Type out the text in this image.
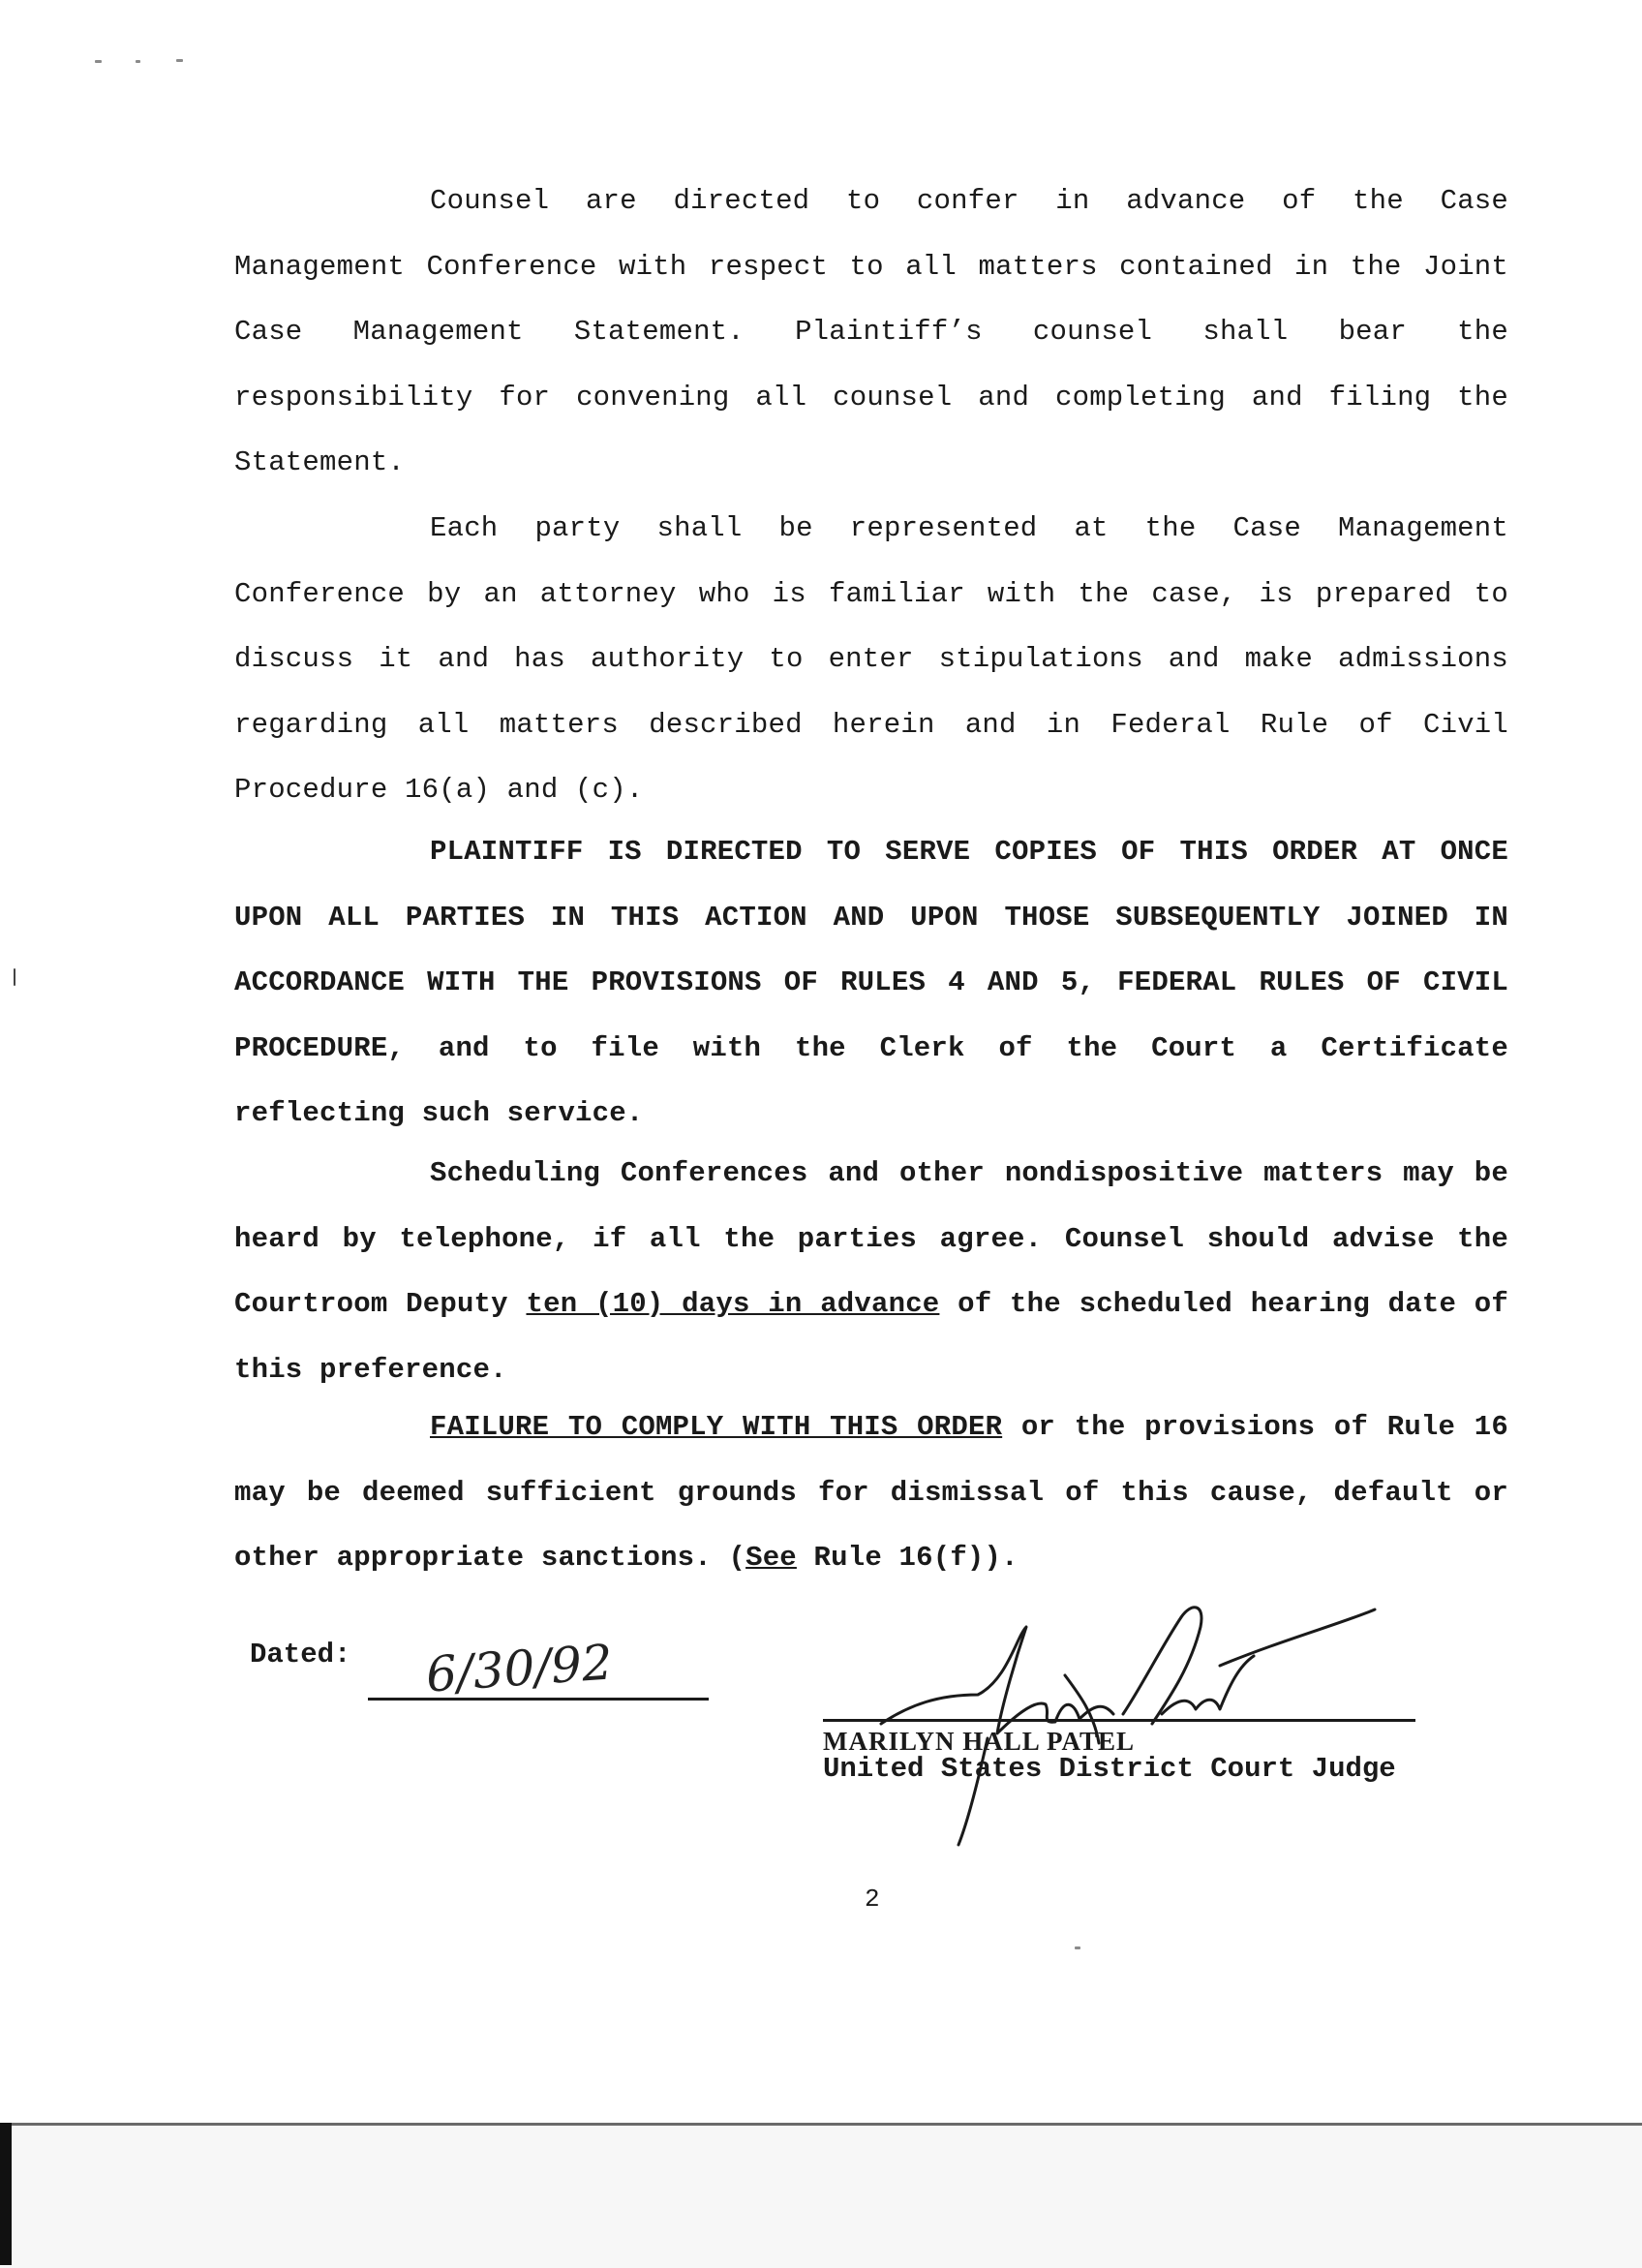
Counsel are directed to confer in advance of the Case Management Conference with respect to all matters contained in the Joint Case Management Statement. Plaintiff’s counsel shall bear the responsibility for convening all counsel and completing and filing the Statement.

Each party shall be represented at the Case Management Conference by an attorney who is familiar with the case, is prepared to discuss it and has authority to enter stipulations and make admissions regarding all matters described herein and in Federal Rule of Civil Procedure 16(a) and (c).

PLAINTIFF IS DIRECTED TO SERVE COPIES OF THIS ORDER AT ONCE UPON ALL PARTIES IN THIS ACTION AND UPON THOSE SUBSEQUENTLY JOINED IN ACCORDANCE WITH THE PROVISIONS OF RULES 4 AND 5, FEDERAL RULES OF CIVIL PROCEDURE, and to file with the Clerk of the Court a Certificate reflecting such service.

Scheduling Conferences and other nondispositive matters may be heard by telephone, if all the parties agree. Counsel should advise the Courtroom Deputy ten (10) days in advance of the scheduled hearing date of this preference.

FAILURE TO COMPLY WITH THIS ORDER or the provisions of Rule 16 may be deemed sufficient grounds for dismissal of this cause, default or other appropriate sanctions. (See Rule 16(f)).

Dated: 6/30/92
MARILYN HALL PATEL
United States District Court Judge
2
